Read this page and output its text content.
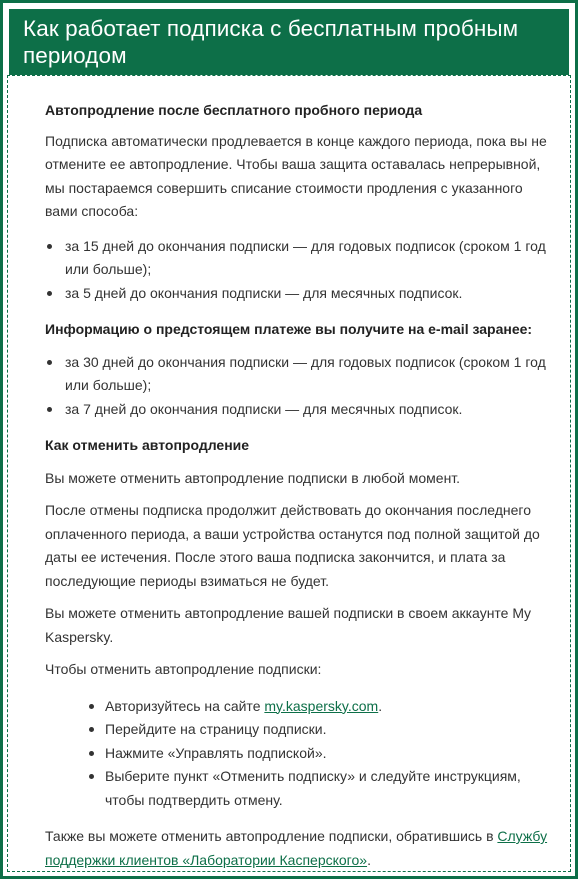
Как работает подписка с бесплатным пробным периодом

Автопродление после бесплатного пробного периода

Подписка автоматически продлевается в конце каждого периода, пока вы не отмените ее автопродление. Чтобы ваша защита оставалась непрерывной, мы постараемся совершить списание стоимости продления с указанного вами способа:

за 15 дней до окончания подписки — для годовых подписок (сроком 1 год или больше);
за 5 дней до окончания подписки — для месячных подписок.

Информацию о предстоящем платеже вы получите на e-mail заранее:

за 30 дней до окончания подписки — для годовых подписок (сроком 1 год или больше);
за 7 дней до окончания подписки — для месячных подписок.

Как отменить автопродление

Вы можете отменить автопродление подписки в любой момент.

После отмены подписка продолжит действовать до окончания последнего оплаченного периода, а ваши устройства останутся под полной защитой до даты ее истечения. После этого ваша подписка закончится, и плата за последующие периоды взиматься не будет.

Вы можете отменить автопродление вашей подписки в своем аккаунте My Kaspersky.

Чтобы отменить автопродление подписки:

Авторизуйтесь на сайте my.kaspersky.com.
Перейдите на страницу подписки.
Нажмите «Управлять подпиской».
Выберите пункт «Отменить подписку» и следуйте инструкциям, чтобы подтвердить отмену.

Также вы можете отменить автопродление подписки, обратившись в Службу поддержки клиентов «Лаборатории Касперского».
